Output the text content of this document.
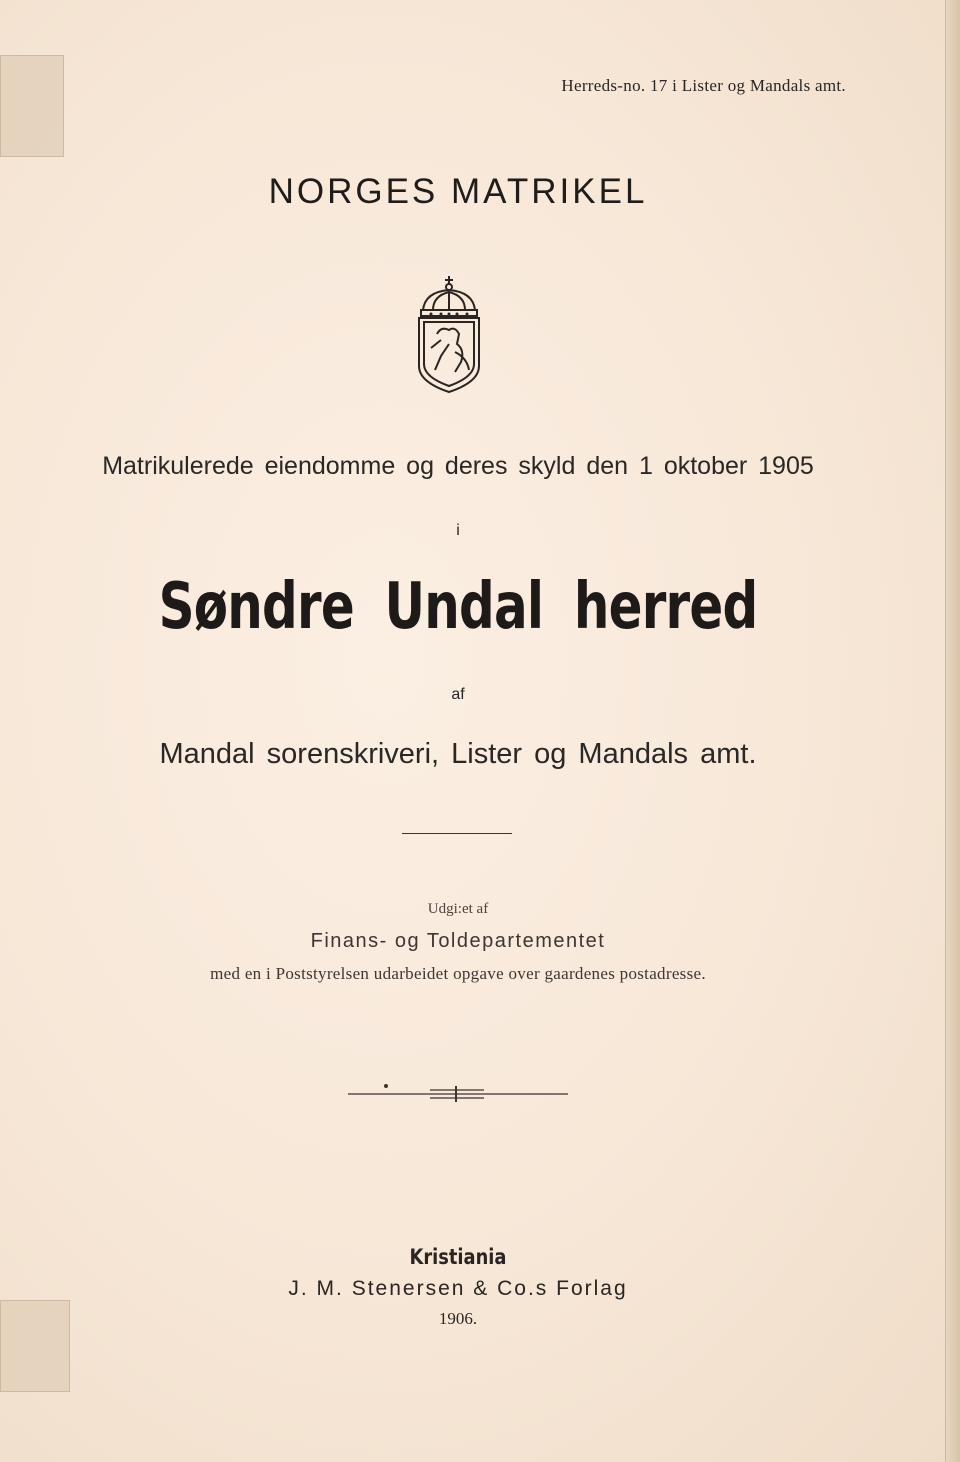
Herreds-no. 17 i Lister og Mandals amt.
NORGES MATRIKEL
Matrikulerede eiendomme og deres skyld den 1 oktober 1905
i
Søndre Undal herred
af
Mandal sorenskriveri, Lister og Mandals amt.
Udgi:et af
Finans- og Toldepartementet
med en i Poststyrelsen udarbeidet opgave over gaardenes postadresse.
Kristiania
J. M. Stenersen & Co.s Forlag
1906.
